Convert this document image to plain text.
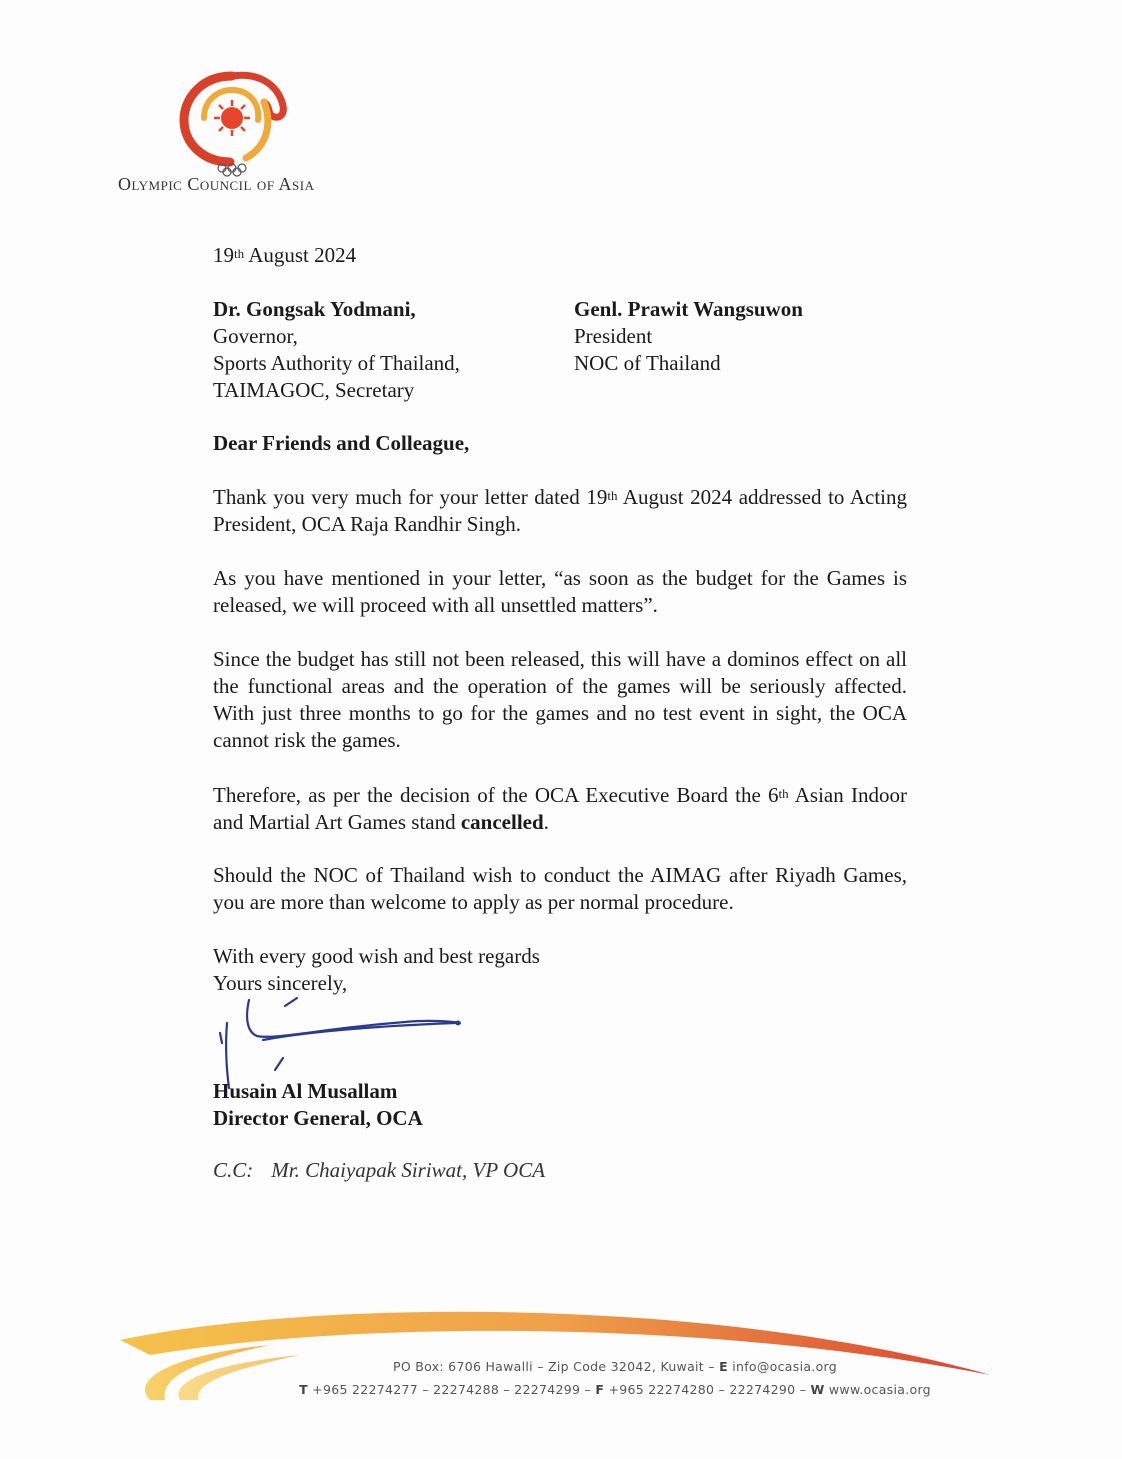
Olympic Council of Asia
19th August 2024
Dr. Gongsak Yodmani,
Governor,
Sports Authority of Thailand,
TAIMAGOC, Secretary
Genl. Prawit Wangsuwon
President
NOC of Thailand
Dear Friends and Colleague,
Thank you very much for your letter dated 19th August 2024 addressed to Acting President, OCA Raja Randhir Singh.
As you have mentioned in your letter, “as soon as the budget for the Games is released, we will proceed with all unsettled matters”.
Since the budget has still not been released, this will have a dominos effect on all the functional areas and the operation of the games will be seriously affected. With just three months to go for the games and no test event in sight, the OCA cannot risk the games.
Therefore, as per the decision of the OCA Executive Board the 6th Asian Indoor and Martial Art Games stand cancelled.
Should the NOC of Thailand wish to conduct the AIMAG after Riyadh Games, you are more than welcome to apply as per normal procedure.
With every good wish and best regards
Yours sincerely,
Husain Al Musallam
Director General, OCA
C.C: Mr. Chaiyapak Siriwat, VP OCA
PO Box: 6706 Hawalli – Zip Code 32042, Kuwait – E info@ocasia.org
T +965 22274277 – 22274288 – 22274299 – F +965 22274280 – 22274290 – W www.ocasia.org
